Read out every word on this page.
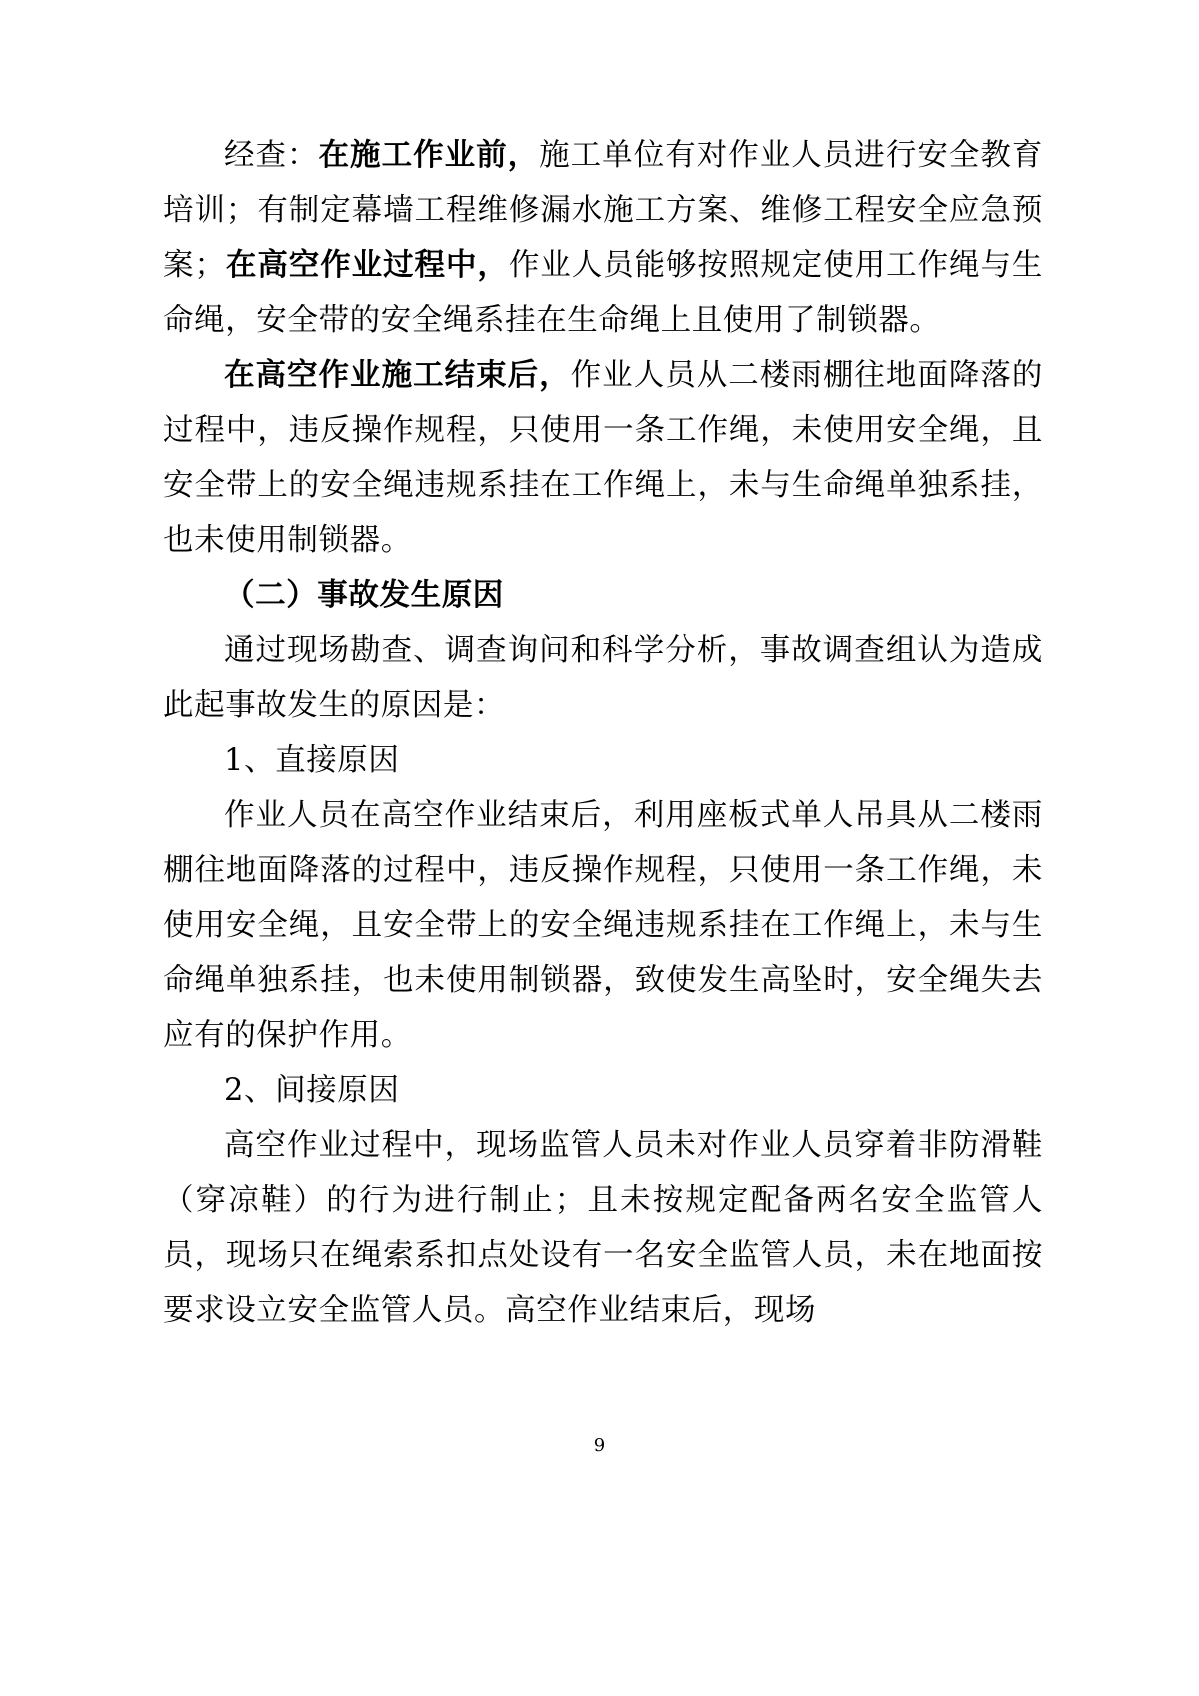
经查：在施工作业前，施工单位有对作业人员进行安全教育培训；有制定幕墙工程维修漏水施工方案、维修工程安全应急预案；在高空作业过程中，作业人员能够按照规定使用工作绳与生命绳，安全带的安全绳系挂在生命绳上且使用了制锁器。
在高空作业施工结束后，作业人员从二楼雨棚往地面降落的过程中，违反操作规程，只使用一条工作绳，未使用安全绳，且安全带上的安全绳违规系挂在工作绳上，未与生命绳单独系挂，也未使用制锁器。
（二）事故发生原因
通过现场勘查、调查询问和科学分析，事故调查组认为造成此起事故发生的原因是：
1、直接原因
作业人员在高空作业结束后，利用座板式单人吊具从二楼雨棚往地面降落的过程中，违反操作规程，只使用一条工作绳，未使用安全绳，且安全带上的安全绳违规系挂在工作绳上，未与生命绳单独系挂，也未使用制锁器，致使发生高坠时，安全绳失去应有的保护作用。
2、间接原因
高空作业过程中，现场监管人员未对作业人员穿着非防滑鞋（穿凉鞋）的行为进行制止；且未按规定配备两名安全监管人员，现场只在绳索系扣点处设有一名安全监管人员，未在地面按要求设立安全监管人员。高空作业结束后，现场
9
